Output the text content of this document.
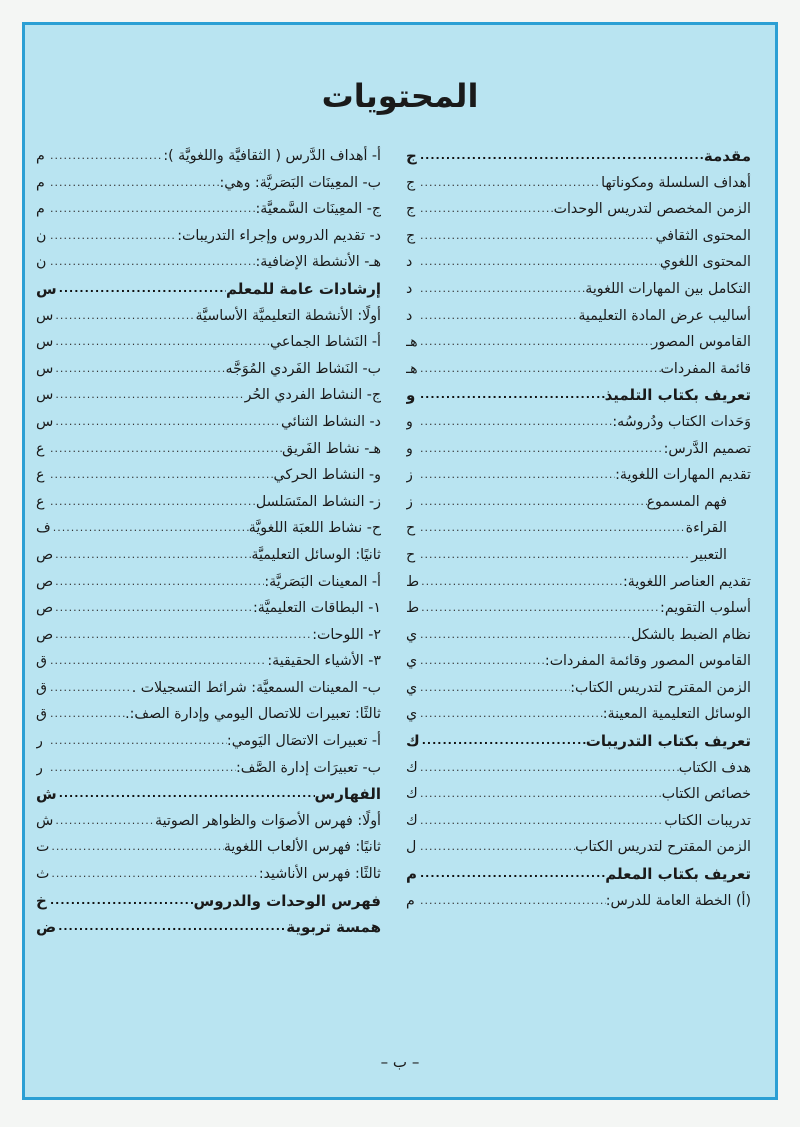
المحتويات
مقدمة
.....
ج
أهداف السلسلة ومكوناتها
.....
ج
الزمن المخصص لتدريس الوحدات
.....
ج
المحتوى الثقافي
.....
ج
المحتوى اللغوي
.....
د
التكامل بين المهارات اللغوية
.....
د
أساليب عرض المادة التعليمية
.....
د
القاموس المصور
.....
هـ
قائمة المفردات
.....
هـ
تعريف بكتاب التلميذ
.....
و
وَحَدات الكتاب ودُروسُه:
.....
و
تصميم الدَّرس:
.....
و
تقديم المهارات اللغوية:
.....
ز
فهم المسموع
.....
ز
القراءة
.....
ح
التعبير
.....
ح
تقديم العناصر اللغوية:
.....
ط
أسلوب التقويم:
.....
ط
نظام الضبط بالشكل
.....
ي
القاموس المصور وقائمة المفردات:
.....
ي
الزمن المقترح لتدريس الكتاب:
.....
ي
الوسائل التعليمية المعينة:
.....
ي
تعريف بكتاب التدريبات
.....
ك
هدف الكتاب
.....
ك
خصائص الكتاب
.....
ك
تدريبات الكتاب
.....
ك
الزمن المقترح لتدريس الكتاب
.....
ل
تعريف بكتاب المعلم
.....
م
(أ) الخطة العامة للدرس:
.....
م
أ- أهداف الدَّرس ( الثقافيَّة واللغويَّة ):
.....
م
ب- المعِينَات البَصَريَّة: وهي:
.....
م
ج- المعِينَات السَّمعيَّة:
.....
م
د- تقديم الدروس وإجراء التدريبات:
.....
ن
هـ- الأنشطة الإضافية:
.....
ن
إرشادات عامة للمعلم
.....
س
أولًا: الأنشطة التعليميَّة الأساسيَّة
.....
س
أ- النَشاط الجماعي
.....
س
ب- النَشاط الفَردي المُوَجَّه
.....
س
ج- النشاط الفردي الحُر
.....
س
د- النشاط الثنائي
.....
س
هـ- نشاط الفَريق
.....
ع
و- النشاط الحركي
.....
ع
ز- النشاط المتَسَلسل
.....
ع
ح- نشاط اللعبَة اللغويَّة
.....
ف
ثانيًا: الوسائل التعليميَّة
.....
ص
أ- المعينات البَصَريَّة:
.....
ص
١- البطاقات التعليميَّة:
.....
ص
٢- اللوحات:
.....
ص
٣- الأشياء الحقيقية:
.....
ق
ب- المعينات السمعيَّة: شرائط التسجيلات .
.....
ق
ثالثًا: تعبيرات للاتصال اليومي وإدارة الصف:.
.....
ق
أ- تعبيرات الاتصَال اليَومي:
.....
ر
ب- تعبيرَات إدارة الصَّف:
.....
ر
الفهارس
.....
ش
أولًا: فهرس الأصوَات والظواهر الصوتية
.....
ش
ثانيًا: فهرس الألعاب اللغوية
.....
ت
ثالثًا: فهرس الأناشيد:
.....
ث
فهرس الوحدات والدروس
.....
خ
همسة تربوية
.....
ض
– ب –
